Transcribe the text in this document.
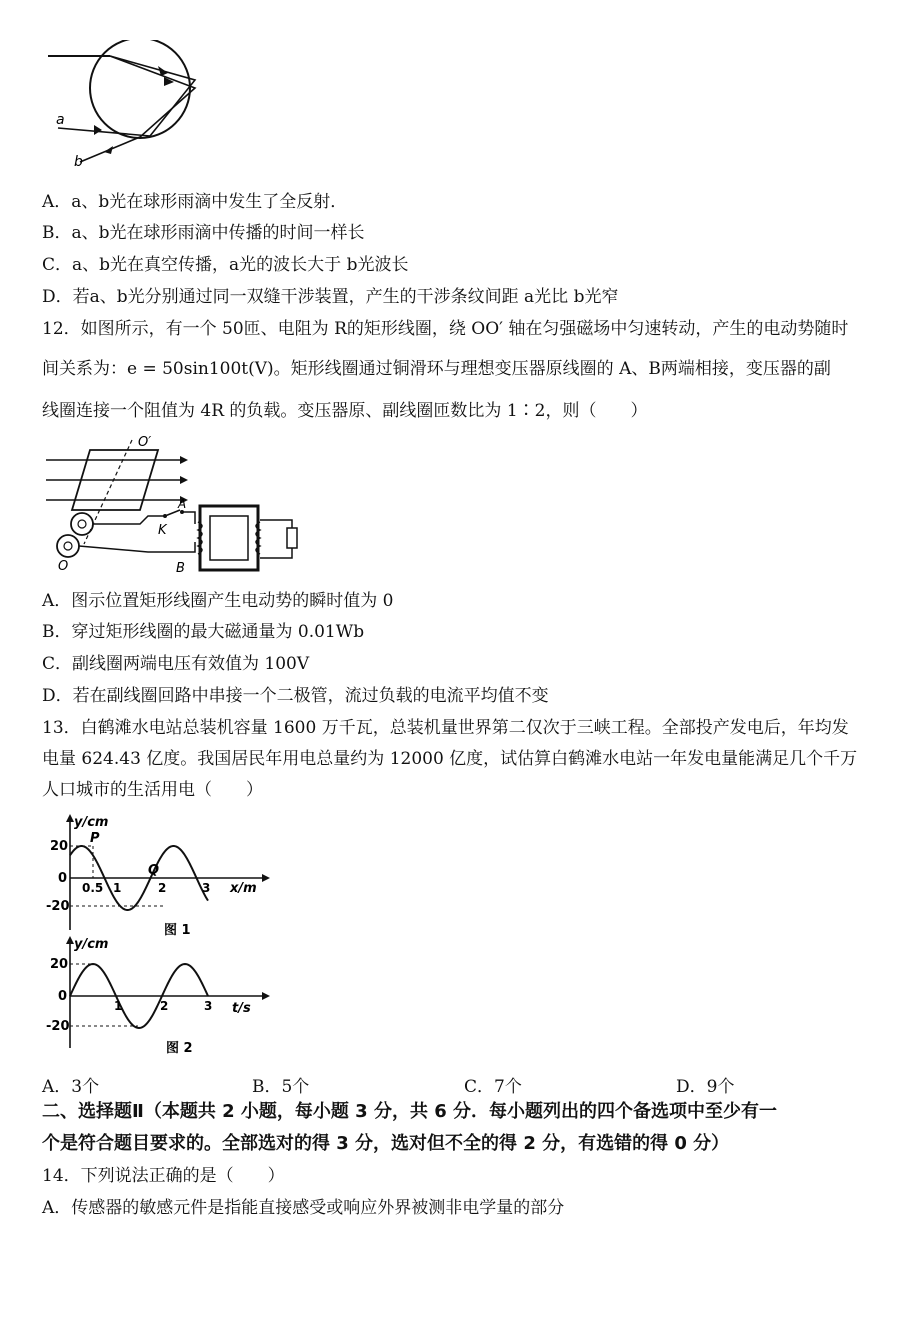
a
b
A．a、b光在球形雨滴中发生了全反射．
B．a、b光在球形雨滴中传播的时间一样长
C．a、b光在真空传播，a光的波长大于 b光波长
D．若a、b光分别通过同一双缝干涉装置，产生的干涉条纹间距 a光比 b光窄
12．如图所示，有一个 50匝、电阻为 R的矩形线圈，绕 OO′ 轴在匀强磁场中匀速转动，产生的电动势随时
间关系为：e = 50sin100t(V)。矩形线圈通过铜滑环与理想变压器原线圈的 A、B两端相接，变压器的副
线圈连接一个阻值为 4R 的负载。变压器原、副线圈匝数比为 1∶2，则（　　）
O′
O
K
A
B
A．图示位置矩形线圈产生电动势的瞬时值为 0
B．穿过矩形线圈的最大磁通量为 0.01Wb
C．副线圈两端电压有效值为 100V
D．若在副线圈回路中串接一个二极管，流过负载的电流平均值不变
13．白鹤滩水电站总装机容量 1600 万千瓦，总装机量世界第二仅次于三峡工程。全部投产发电后，年均发
电量 624.43 亿度。我国居民年用电总量约为 12000 亿度，试估算白鹤滩水电站一年发电量能满足几个千万
人口城市的生活用电（　　）
y/cm
x/m
20
0
-20
0.5 1	2	3
P
Q
图 1
y/cm
t/s
20
0
-20
1	2	3
图 2
A．3个	B．5个	C．7个	D．9个
二、选择题Ⅱ（本题共 2 小题，每小题 3 分，共 6 分．每小题列出的四个备选项中至少有一
个是符合题目要求的。全部选对的得 3 分，选对但不全的得 2 分，有选错的得 0 分）
14．下列说法正确的是（　　）
A．传感器的敏感元件是指能直接感受或响应外界被测非电学量的部分
